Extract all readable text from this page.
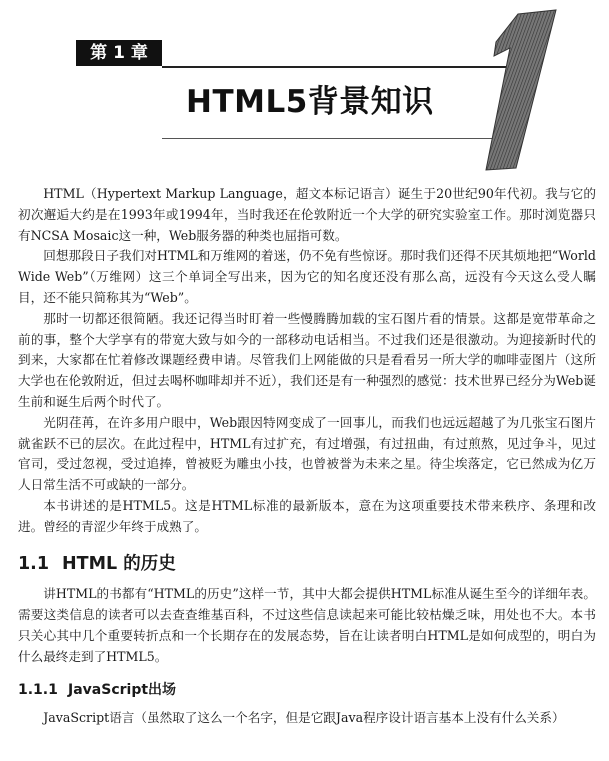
第 1 章
HTML5背景知识
1

HTML（Hypertext Markup Language，超文本标记语言）诞生于20世纪90年代初。我与它的初次邂逅大约是在1993年或1994年，当时我还在伦敦附近一个大学的研究实验室工作。那时浏览器只有NCSA Mosaic这一种，Web服务器的种类也屈指可数。

回想那段日子我们对HTML和万维网的着迷，仍不免有些惊讶。那时我们还得不厌其烦地把“World Wide Web”（万维网）这三个单词全写出来，因为它的知名度还没有那么高，远没有今天这么受人瞩目，还不能只简称其为“Web”。

那时一切都还很简陋。我还记得当时盯着一些慢腾腾加载的宝石图片看的情景。这都是宽带革命之前的事，整个大学享有的带宽大致与如今的一部移动电话相当。不过我们还是很激动。为迎接新时代的到来，大家都在忙着修改课题经费申请。尽管我们上网能做的只是看看另一所大学的咖啡壶图片（这所大学也在伦敦附近，但过去喝杯咖啡却并不近），我们还是有一种强烈的感觉：技术世界已经分为Web诞生前和诞生后两个时代了。

光阴荏苒，在许多用户眼中，Web跟因特网变成了一回事儿，而我们也远远超越了为几张宝石图片就雀跃不已的层次。在此过程中，HTML有过扩充，有过增强，有过扭曲，有过煎熬，见过争斗，见过官司，受过忽视，受过追捧，曾被贬为雕虫小技，也曾被誉为未来之星。待尘埃落定，它已然成为亿万人日常生活不可或缺的一部分。

本书讲述的是HTML5。这是HTML标准的最新版本，意在为这项重要技术带来秩序、条理和改进。曾经的青涩少年终于成熟了。

1.1 HTML 的历史

讲HTML的书都有“HTML的历史”这样一节，其中大都会提供HTML标准从诞生至今的详细年表。需要这类信息的读者可以去查查维基百科，不过这些信息读起来可能比较枯燥乏味，用处也不大。本书只关心其中几个重要转折点和一个长期存在的发展态势，旨在让读者明白HTML是如何成型的，明白为什么最终走到了HTML5。

1.1.1 JavaScript出场

JavaScript语言（虽然取了这么一个名字，但是它跟Java程序设计语言基本上没有什么关系）
